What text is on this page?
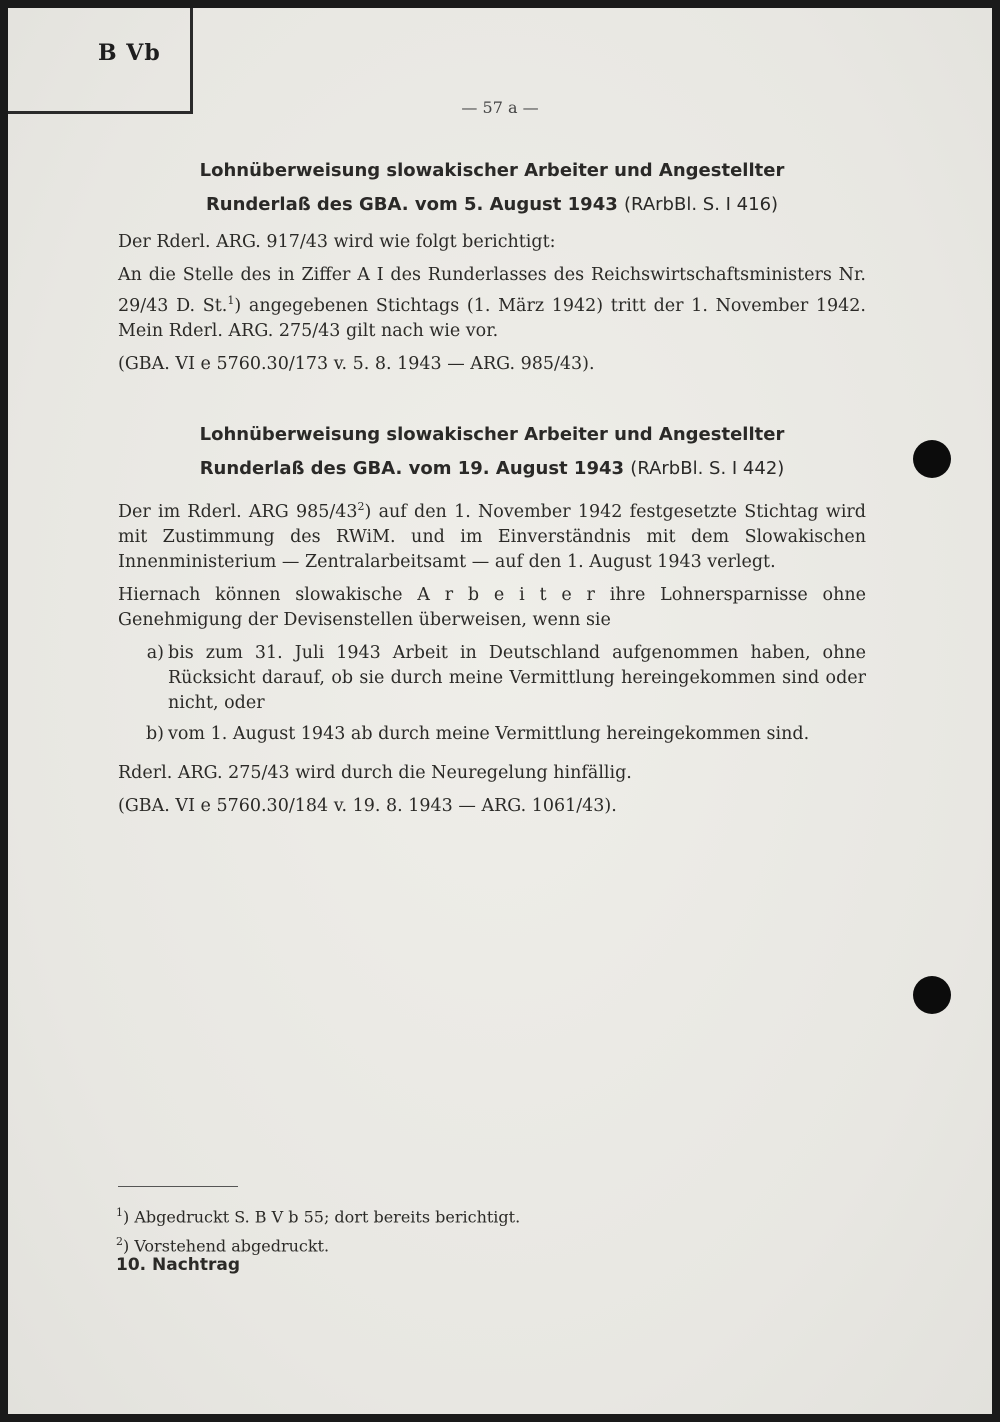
B Vb
— 57 a —
Lohnüberweisung slowakischer Arbeiter und Angestellter
Runderlaß des GBA. vom 5. August 1943 (RArbBl. S. I 416)

Der Rderl. ARG. 917/43 wird wie folgt berichtigt:

An die Stelle des in Ziffer A I des Runderlasses des Reichswirtschaftsministers Nr. 29/43 D. St.$^1$) angegebenen Stichtags (1. März 1942) tritt der 1. November 1942. Mein Rderl. ARG. 275/43 gilt nach wie vor.

(GBA. VI e 5760.30/173 v. 5. 8. 1943 — ARG. 985/43).

Lohnüberweisung slowakischer Arbeiter und Angestellter
Runderlaß des GBA. vom 19. August 1943 (RArbBl. S. I 442)

Der im Rderl. ARG $985/43^2$) auf den 1. November 1942 festgesetzte Stichtag wird mit Zustimmung des RWiM. und im Einverständnis mit dem Slowakischen Innenministerium — Zentralarbeitsamt — auf den 1. August 1943 verlegt.

Hiernach können slowakische A r b e i t e r ihre Lohnersparnisse ohne Genehmigung der Devisenstellen überweisen, wenn sie

a) bis zum 31. Juli 1943 Arbeit in Deutschland aufgenommen haben, ohne Rücksicht darauf, ob sie durch meine Vermittlung hereingekommen sind oder nicht, oder
b) vom 1. August 1943 ab durch meine Vermittlung hereingekommen sind.

Rderl. ARG. 275/43 wird durch die Neuregelung hinfällig.

(GBA. VI e 5760.30/184 v. 19. 8. 1943 — ARG. 1061/43).

$^1$) Abgedruckt S. B V b 55; dort bereits berichtigt.
$^2$) Vorstehend abgedruckt.
10. Nachtrag
